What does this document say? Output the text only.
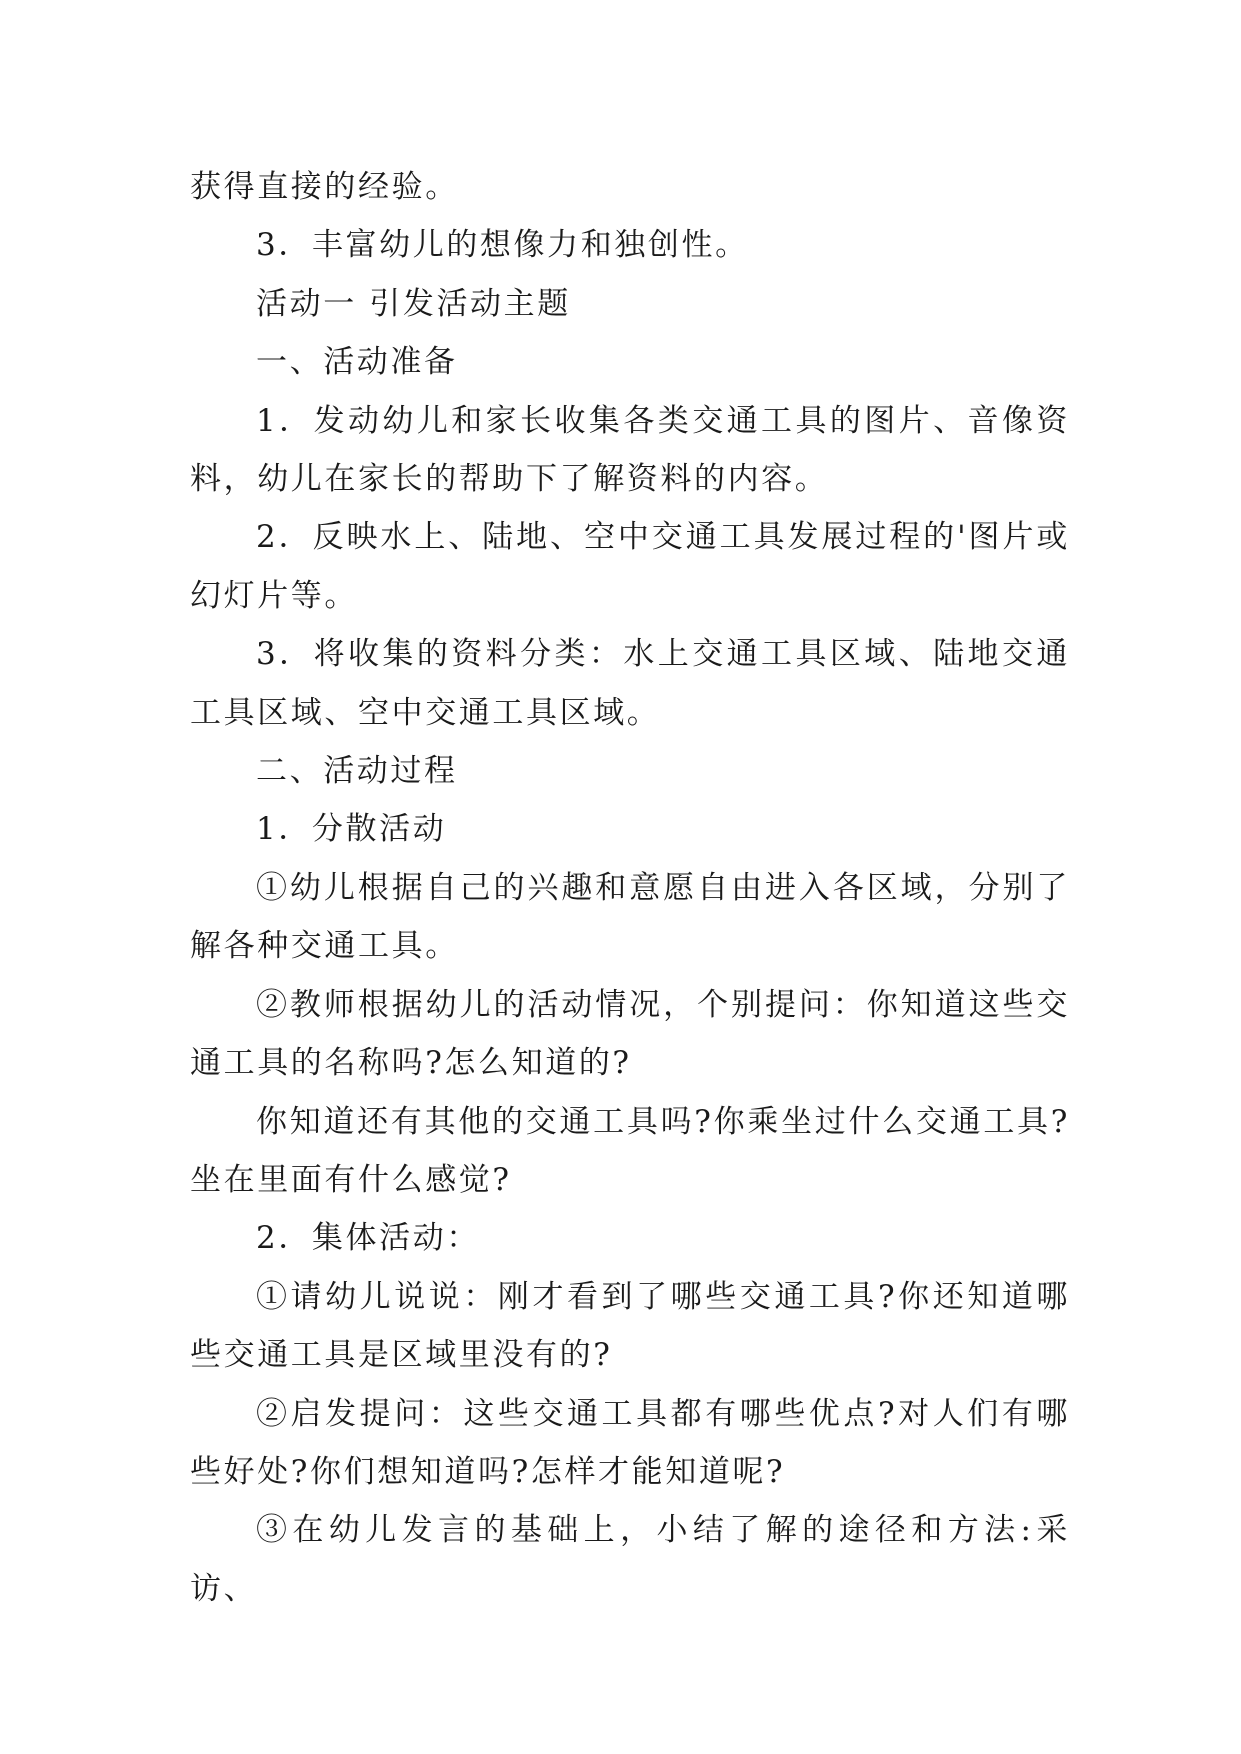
获得直接的经验。

3．丰富幼儿的想像力和独创性。

活动一 引发活动主题

一、活动准备

1．发动幼儿和家长收集各类交通工具的图片、音像资料，幼儿在家长的帮助下了解资料的内容。

2．反映水上、陆地、空中交通工具发展过程的'图片或幻灯片等。

3．将收集的资料分类：水上交通工具区域、陆地交通工具区域、空中交通工具区域。

二、活动过程

1．分散活动

①幼儿根据自己的兴趣和意愿自由进入各区域，分别了解各种交通工具。

②教师根据幼儿的活动情况，个别提问：你知道这些交通工具的名称吗?怎么知道的?

你知道还有其他的交通工具吗?你乘坐过什么交通工具?坐在里面有什么感觉?

2．集体活动：

①请幼儿说说：刚才看到了哪些交通工具?你还知道哪些交通工具是区域里没有的?

②启发提问：这些交通工具都有哪些优点?对人们有哪些好处?你们想知道吗?怎样才能知道呢?

③在幼儿发言的基础上，小结了解的途径和方法:采访、
